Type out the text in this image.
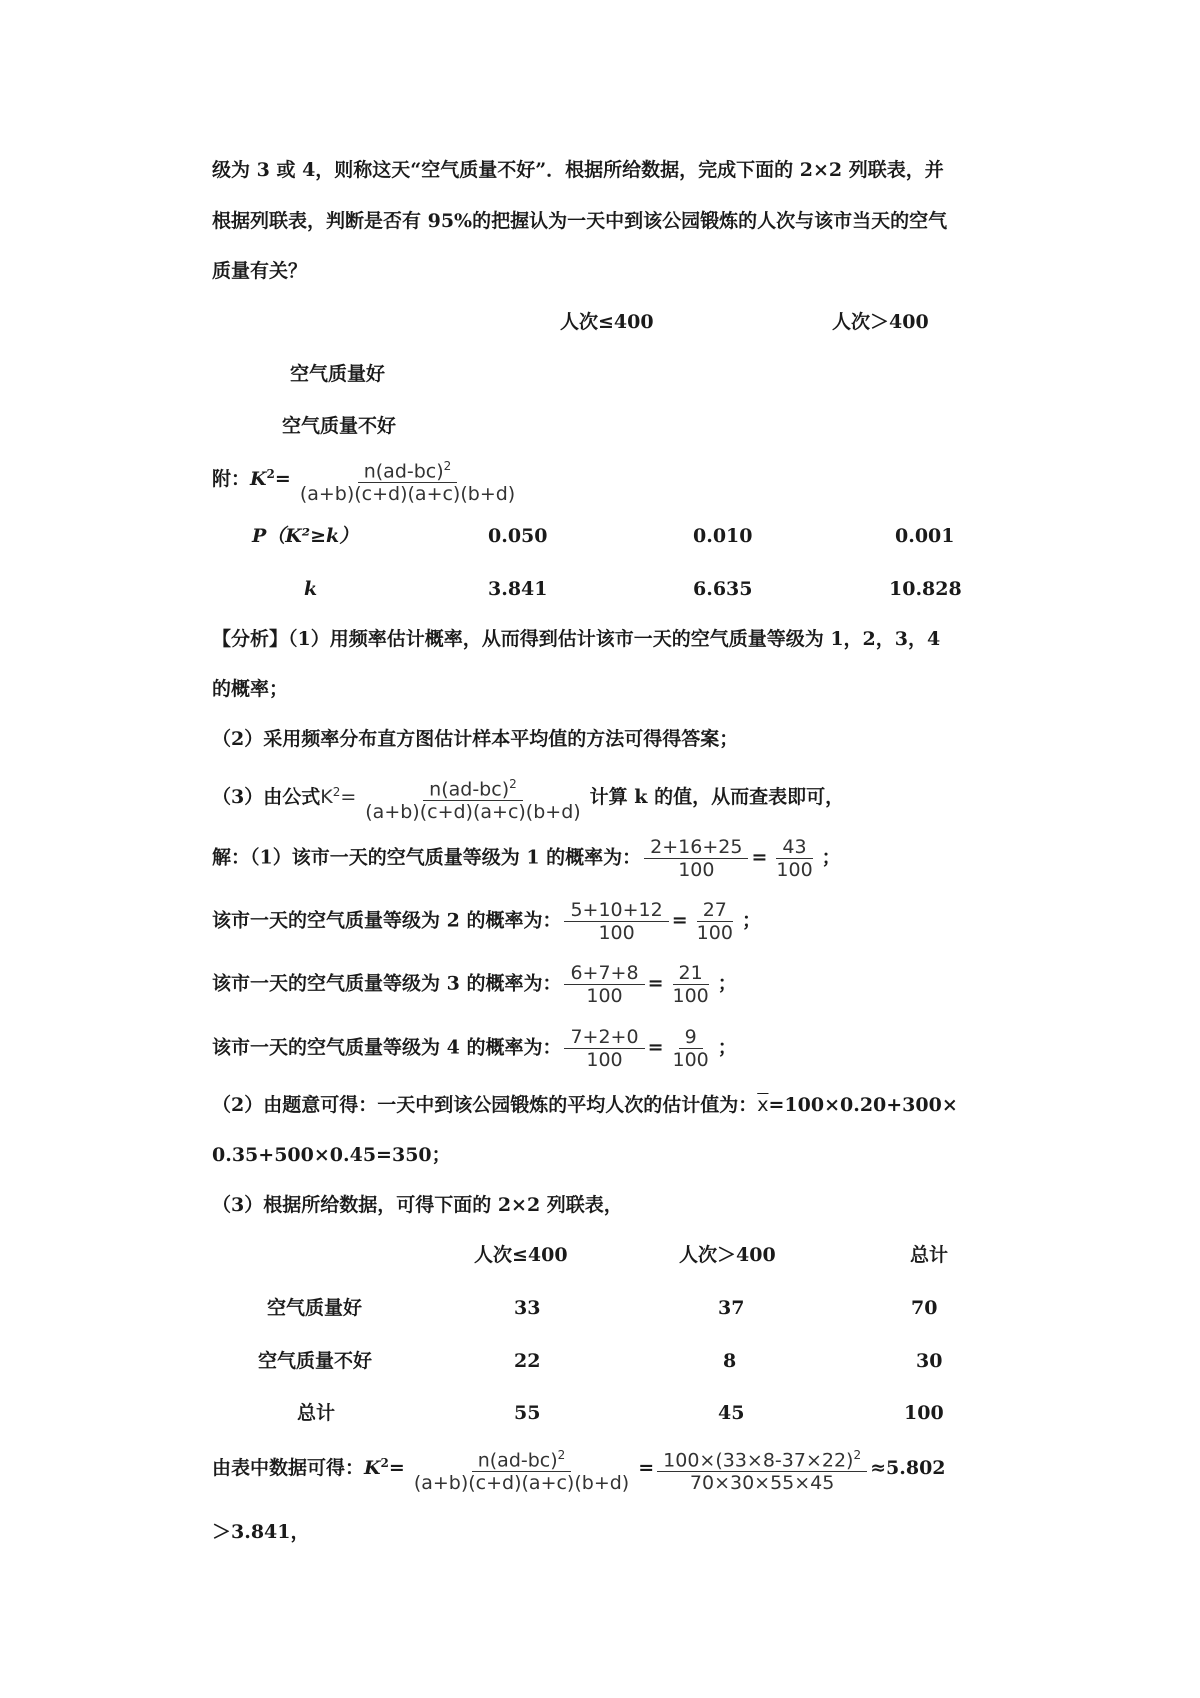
级为 3 或 4，则称这天“空气质量不好”．根据所给数据，完成下面的 2×2 列联表，并
根据列联表，判断是否有 95%的把握认为一天中到该公园锻炼的人次与该市当天的空气
质量有关？
人次≤400	人次＞400
空气质量好
空气质量不好
附：$K^2= \frac{n(ad-bc)^2}{(a+b)(c+d)(a+c)(b+d)}$
P（K²≥k）	0.050	0.010	0.001
k	3.841	6.635	10.828
【分析】（1）用频率估计概率，从而得到估计该市一天的空气质量等级为 1，2，3，4
的概率；
（2）采用频率分布直方图估计样本平均值的方法可得得答案；
（3）由公式$K^2= \frac{n(ad-bc)^2}{(a+b)(c+d)(a+c)(b+d)}$ 计算 k 的值，从而查表即可，
解：（1）该市一天的空气质量等级为 1 的概率为： $\frac{2+16+25}{100} = \frac{43}{100}$ ；
该市一天的空气质量等级为 2 的概率为： $\frac{5+10+12}{100} = \frac{27}{100}$ ；
该市一天的空气质量等级为 3 的概率为： $\frac{6+7+8}{100} = \frac{21}{100}$ ；
该市一天的空气质量等级为 4 的概率为： $\frac{7+2+0}{100} = \frac{9}{100}$ ；
（2）由题意可得：一天中到该公园锻炼的平均人次的估计值为：$\overline{x}=100\times 0.20+300\times$
0.35+500×0.45=350；
（3）根据所给数据，可得下面的 2×2 列联表，
人次≤400	人次＞400	总计
空气质量好	33	37	70
空气质量不好	22	8	30
总计	55	45	100
由表中数据可得：$K^2= \frac{n(ad-bc)^2}{(a+b)(c+d)(a+c)(b+d)} = \frac{100\times(33\times 8-37\times 22)^2}{70\times 30\times 55\times 45} \approx 5.802$
＞3.841，
